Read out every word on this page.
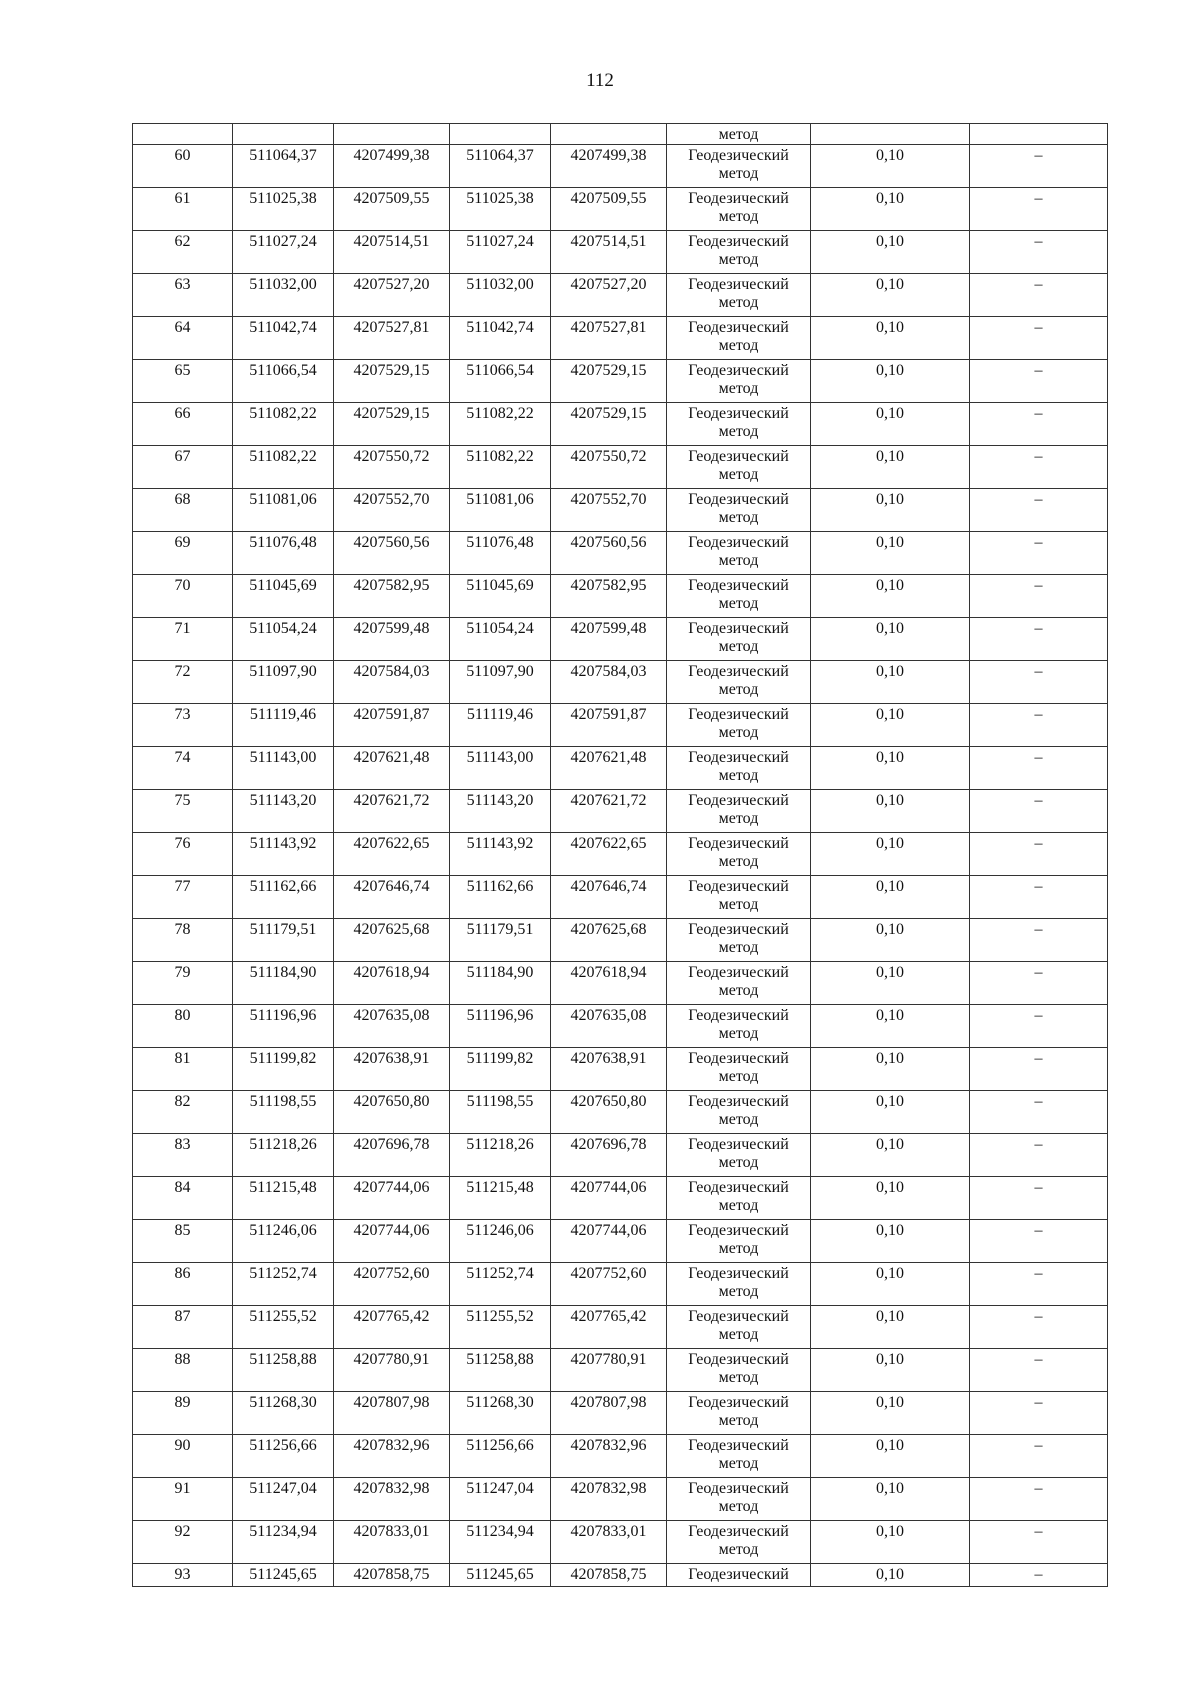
112

					метод		

60	511064,37	4207499,38	511064,37	4207499,38	Геодезический
метод	0,10	–

61	511025,38	4207509,55	511025,38	4207509,55	Геодезический
метод	0,10	–

62	511027,24	4207514,51	511027,24	4207514,51	Геодезический
метод	0,10	–

63	511032,00	4207527,20	511032,00	4207527,20	Геодезический
метод	0,10	–

64	511042,74	4207527,81	511042,74	4207527,81	Геодезический
метод	0,10	–

65	511066,54	4207529,15	511066,54	4207529,15	Геодезический
метод	0,10	–

66	511082,22	4207529,15	511082,22	4207529,15	Геодезический
метод	0,10	–

67	511082,22	4207550,72	511082,22	4207550,72	Геодезический
метод	0,10	–

68	511081,06	4207552,70	511081,06	4207552,70	Геодезический
метод	0,10	–

69	511076,48	4207560,56	511076,48	4207560,56	Геодезический
метод	0,10	–

70	511045,69	4207582,95	511045,69	4207582,95	Геодезический
метод	0,10	–

71	511054,24	4207599,48	511054,24	4207599,48	Геодезический
метод	0,10	–

72	511097,90	4207584,03	511097,90	4207584,03	Геодезический
метод	0,10	–

73	511119,46	4207591,87	511119,46	4207591,87	Геодезический
метод	0,10	–

74	511143,00	4207621,48	511143,00	4207621,48	Геодезический
метод	0,10	–

75	511143,20	4207621,72	511143,20	4207621,72	Геодезический
метод	0,10	–

76	511143,92	4207622,65	511143,92	4207622,65	Геодезический
метод	0,10	–

77	511162,66	4207646,74	511162,66	4207646,74	Геодезический
метод	0,10	–

78	511179,51	4207625,68	511179,51	4207625,68	Геодезический
метод	0,10	–

79	511184,90	4207618,94	511184,90	4207618,94	Геодезический
метод	0,10	–

80	511196,96	4207635,08	511196,96	4207635,08	Геодезический
метод	0,10	–

81	511199,82	4207638,91	511199,82	4207638,91	Геодезический
метод	0,10	–

82	511198,55	4207650,80	511198,55	4207650,80	Геодезический
метод	0,10	–

83	511218,26	4207696,78	511218,26	4207696,78	Геодезический
метод	0,10	–

84	511215,48	4207744,06	511215,48	4207744,06	Геодезический
метод	0,10	–

85	511246,06	4207744,06	511246,06	4207744,06	Геодезический
метод	0,10	–

86	511252,74	4207752,60	511252,74	4207752,60	Геодезический
метод	0,10	–

87	511255,52	4207765,42	511255,52	4207765,42	Геодезический
метод	0,10	–

88	511258,88	4207780,91	511258,88	4207780,91	Геодезический
метод	0,10	–

89	511268,30	4207807,98	511268,30	4207807,98	Геодезический
метод	0,10	–

90	511256,66	4207832,96	511256,66	4207832,96	Геодезический
метод	0,10	–

91	511247,04	4207832,98	511247,04	4207832,98	Геодезический
метод	0,10	–

92	511234,94	4207833,01	511234,94	4207833,01	Геодезический
метод	0,10	–

93	511245,65	4207858,75	511245,65	4207858,75	Геодезический	0,10	–
